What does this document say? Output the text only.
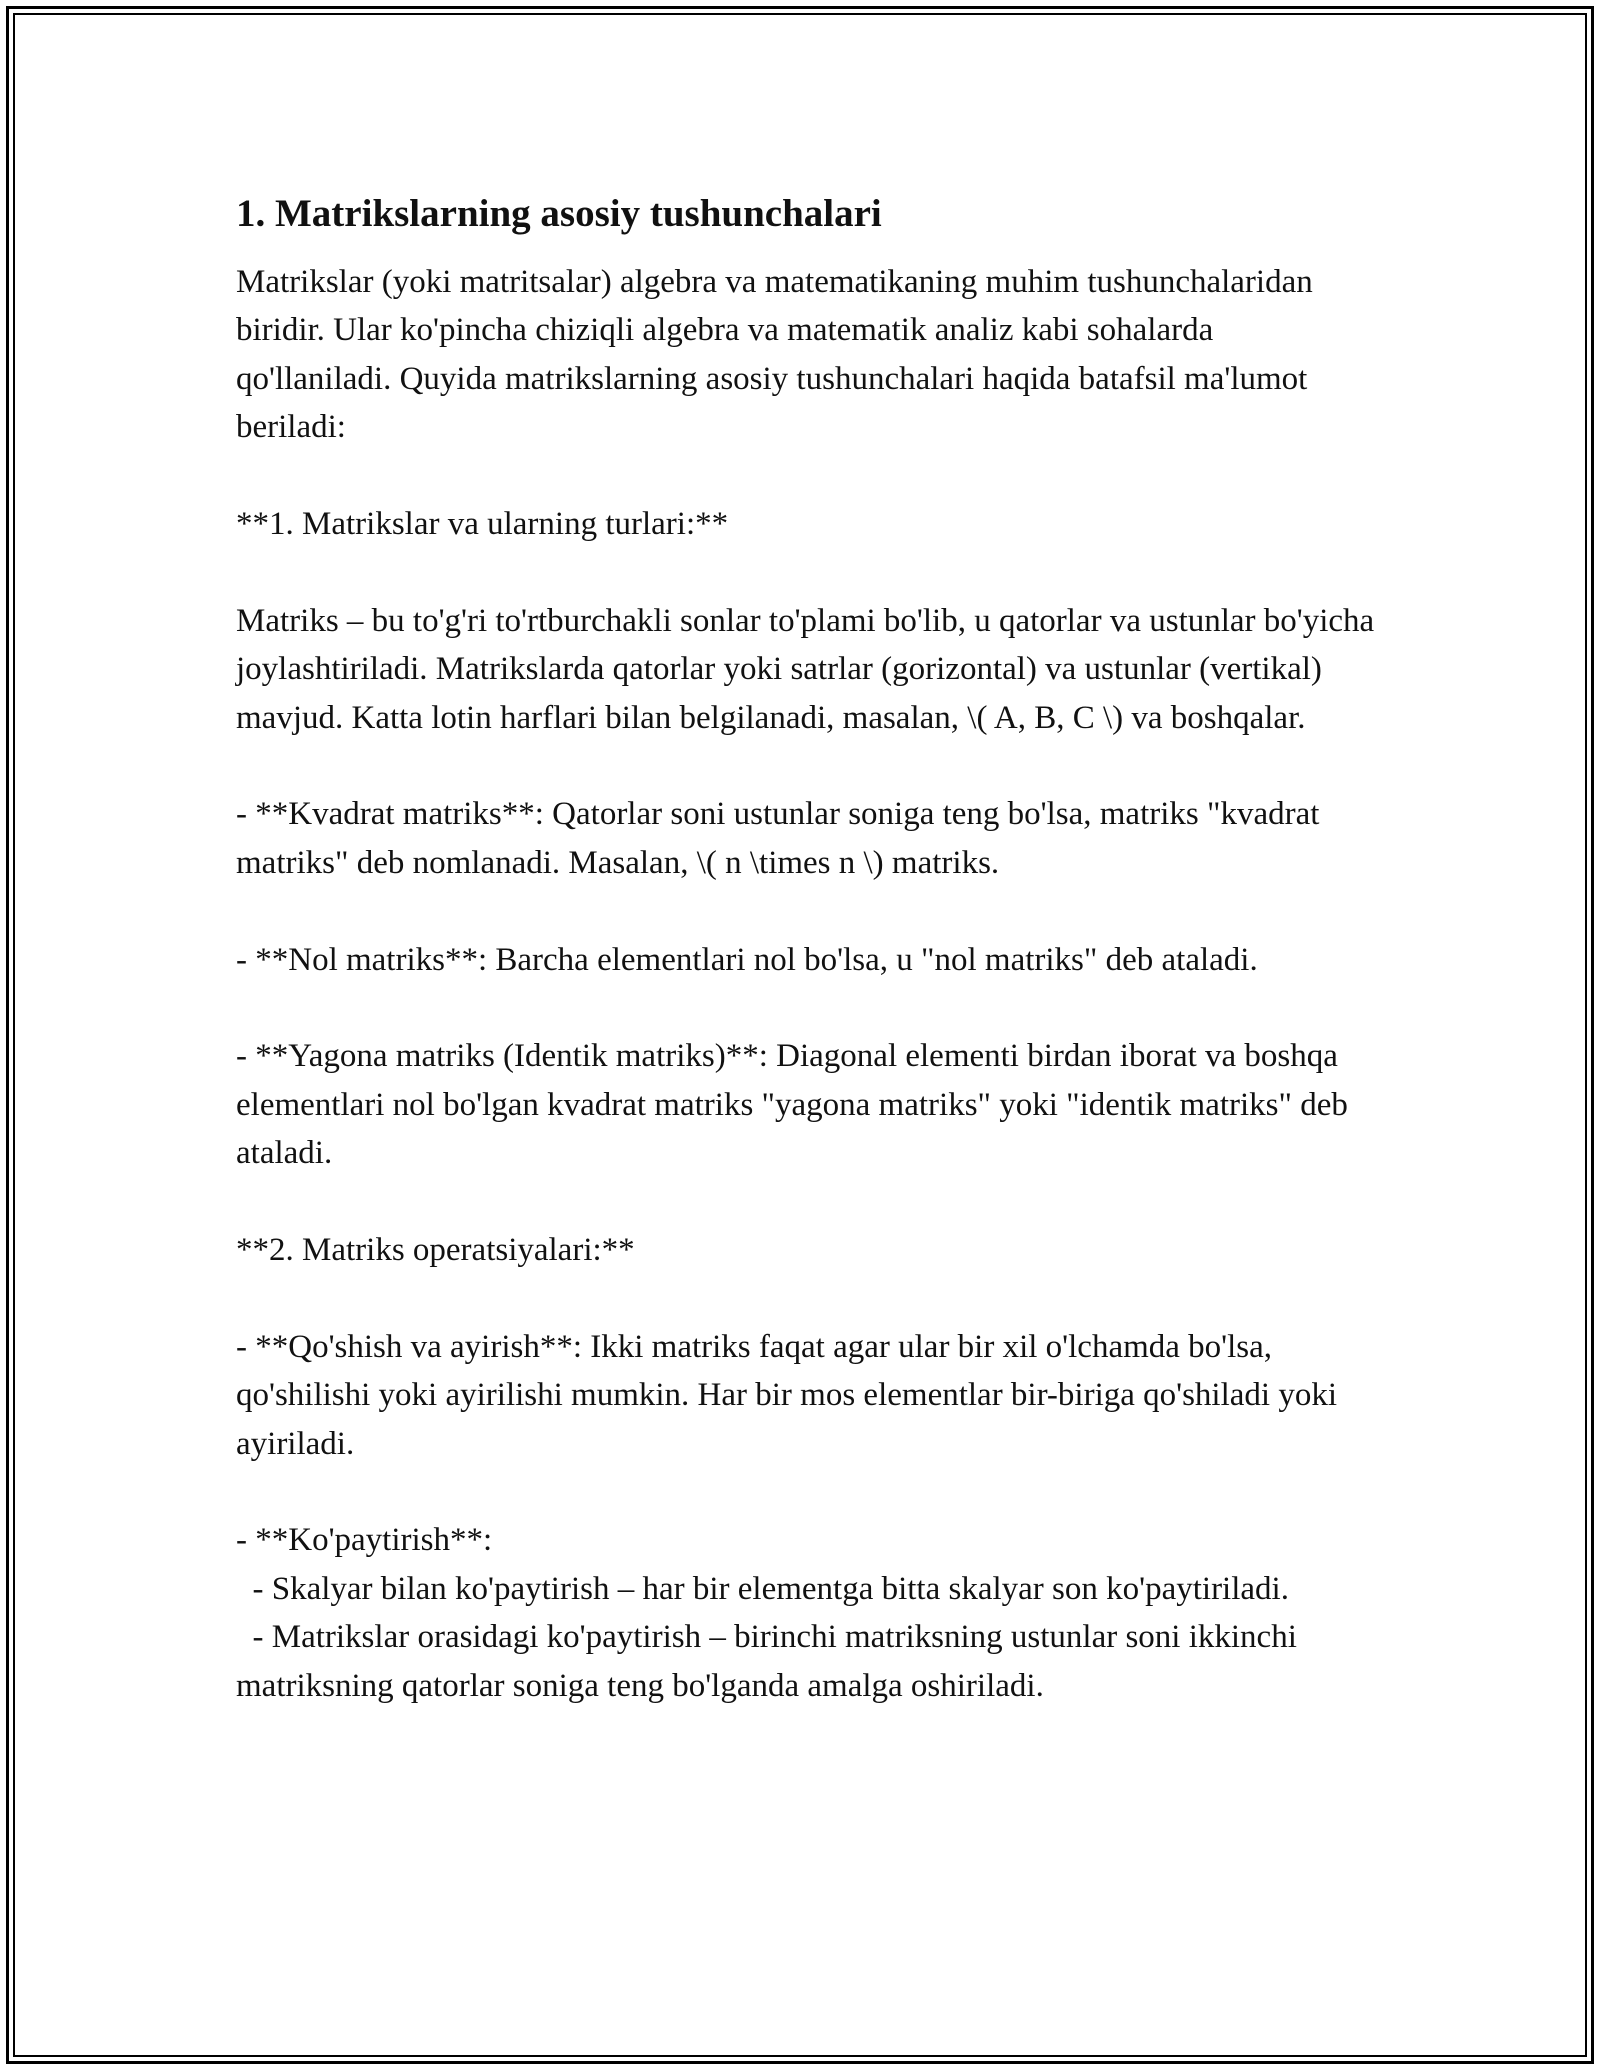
1. Matrikslarning asosiy tushunchalari

Matrikslar (yoki matritsalar) algebra va matematikaning muhim tushunchalaridan biridir. Ular ko'pincha chiziqli algebra va matematik analiz kabi sohalarda qo'llaniladi. Quyida matrikslarning asosiy tushunchalari haqida batafsil ma'lumot beriladi:

**1. Matrikslar va ularning turlari:**

Matriks – bu to'g'ri to'rtburchakli sonlar to'plami bo'lib, u qatorlar va ustunlar bo'yicha joylashtiriladi. Matrikslarda qatorlar yoki satrlar (gorizontal) va ustunlar (vertikal) mavjud. Katta lotin harflari bilan belgilanadi, masalan, \( A, B, C \) va boshqalar.

- **Kvadrat matriks**: Qatorlar soni ustunlar soniga teng bo'lsa, matriks "kvadrat matriks" deb nomlanadi. Masalan, \( n \times n \) matriks.

- **Nol matriks**: Barcha elementlari nol bo'lsa, u "nol matriks" deb ataladi.

- **Yagona matriks (Identik matriks)**: Diagonal elementi birdan iborat va boshqa elementlari nol bo'lgan kvadrat matriks "yagona matriks" yoki "identik matriks" deb ataladi.

**2. Matriks operatsiyalari:**

- **Qo'shish va ayirish**: Ikki matriks faqat agar ular bir xil o'lchamda bo'lsa, qo'shilishi yoki ayirilishi mumkin. Har bir mos elementlar bir-biriga qo'shiladi yoki ayiriladi.

- **Ko'paytirish**:
- Skalyar bilan ko'paytirish – har bir elementga bitta skalyar son ko'paytiriladi.
- Matrikslar orasidagi ko'paytirish – birinchi matriksning ustunlar soni ikkinchi matriksning qatorlar soniga teng bo'lganda amalga oshiriladi.
